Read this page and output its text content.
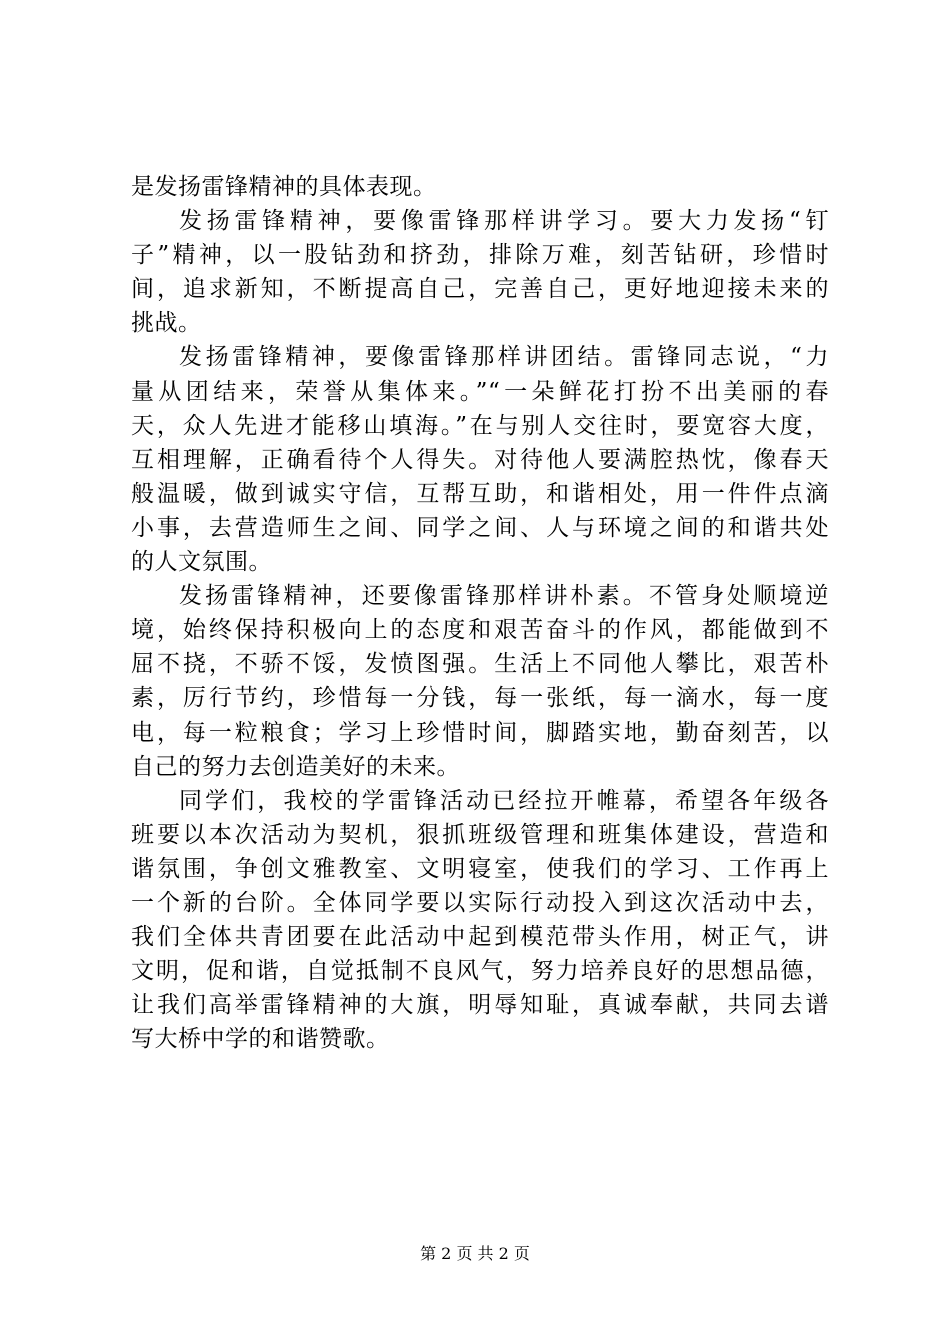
是发扬雷锋精神的具体表现。
发扬雷锋精神，要像雷锋那样讲学习。要大力发扬“钉
子”精神，以一股钻劲和挤劲，排除万难，刻苦钻研，珍惜时
间，追求新知，不断提高自己，完善自己，更好地迎接未来的
挑战。
发扬雷锋精神，要像雷锋那样讲团结。雷锋同志说，“力
量从团结来，荣誉从集体来。”“一朵鲜花打扮不出美丽的春
天，众人先进才能移山填海。”在与别人交往时，要宽容大度，
互相理解，正确看待个人得失。对待他人要满腔热忱，像春天
般温暖，做到诚实守信，互帮互助，和谐相处，用一件件点滴
小事，去营造师生之间、同学之间、人与环境之间的和谐共处
的人文氛围。
发扬雷锋精神，还要像雷锋那样讲朴素。不管身处顺境逆
境，始终保持积极向上的态度和艰苦奋斗的作风，都能做到不
屈不挠，不骄不馁，发愤图强。生活上不同他人攀比，艰苦朴
素，厉行节约，珍惜每一分钱，每一张纸，每一滴水，每一度
电，每一粒粮食；学习上珍惜时间，脚踏实地，勤奋刻苦，以
自己的努力去创造美好的未来。
同学们，我校的学雷锋活动已经拉开帷幕，希望各年级各
班要以本次活动为契机，狠抓班级管理和班集体建设，营造和
谐氛围，争创文雅教室、文明寝室，使我们的学习、工作再上
一个新的台阶。全体同学要以实际行动投入到这次活动中去，
我们全体共青团要在此活动中起到模范带头作用，树正气，讲
文明，促和谐，自觉抵制不良风气，努力培养良好的思想品德，
让我们高举雷锋精神的大旗，明辱知耻，真诚奉献，共同去谱
写大桥中学的和谐赞歌。
第 2 页 共 2 页
